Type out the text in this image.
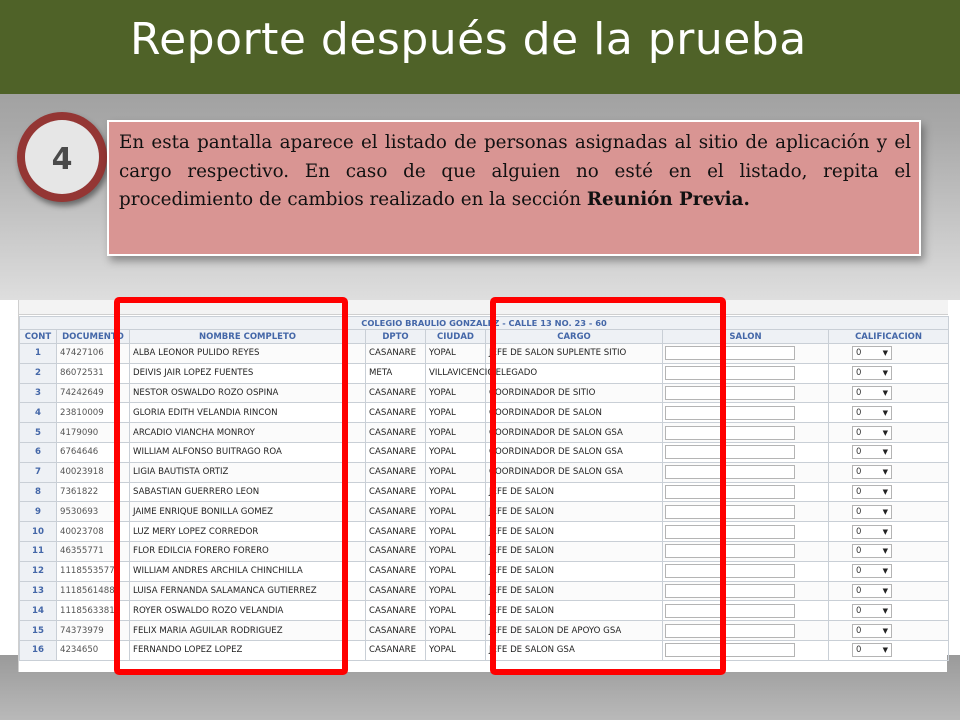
Reporte después de la prueba
4	En esta pantalla aparece el listado de personas asignadas al sitio de aplicación y el cargo respectivo. En caso de que alguien no esté en el listado, repita el procedimiento de cambios realizado en la sección Reunión Previa.

COLEGIO BRAULIO GONZALEZ - CALLE 13 NO. 23 - 60							
CONT	DOCUMENTO	NOMBRE COMPLETO	DPTO	CIUDAD	CARGO	SALON	CALIFICACION
1	47427106	ALBA LEONOR PULIDO REYES	CASANARE	YOPAL	JEFE DE SALON SUPLENTE SITIO		0 ▼

2	86072531	DEIVIS JAIR LOPEZ FUENTES	META	VILLAVICENCIO	DELEGADO		0 ▼

3	74242649	NESTOR OSWALDO ROZO OSPINA	CASANARE	YOPAL	COORDINADOR DE SITIO		0 ▼

4	23810009	GLORIA EDITH VELANDIA RINCON	CASANARE	YOPAL	COORDINADOR DE SALON		0 ▼

5	4179090	ARCADIO VIANCHA MONROY	CASANARE	YOPAL	COORDINADOR DE SALON GSA		0 ▼

6	6764646	WILLIAM ALFONSO BUITRAGO ROA	CASANARE	YOPAL	COORDINADOR DE SALON GSA		0 ▼

7	40023918	LIGIA BAUTISTA ORTIZ	CASANARE	YOPAL	COORDINADOR DE SALON GSA		0 ▼

8	7361822	SABASTIAN GUERRERO LEON	CASANARE	YOPAL	JEFE DE SALON		0 ▼

9	9530693	JAIME ENRIQUE BONILLA GOMEZ	CASANARE	YOPAL	JEFE DE SALON		0 ▼

10	40023708	LUZ MERY LOPEZ CORREDOR	CASANARE	YOPAL	JEFE DE SALON		0 ▼

11	46355771	FLOR EDILCIA FORERO FORERO	CASANARE	YOPAL	JEFE DE SALON		0 ▼

12	1118553577	WILLIAM ANDRES ARCHILA CHINCHILLA	CASANARE	YOPAL	JEFE DE SALON		0 ▼

13	1118561488	LUISA FERNANDA SALAMANCA GUTIERREZ	CASANARE	YOPAL	JEFE DE SALON		0 ▼

14	1118563381	ROYER OSWALDO ROZO VELANDIA	CASANARE	YOPAL	JEFE DE SALON		0 ▼

15	74373979	FELIX MARIA AGUILAR RODRIGUEZ	CASANARE	YOPAL	JEFE DE SALON DE APOYO GSA		0 ▼

16	4234650	FERNANDO LOPEZ LOPEZ	CASANARE	YOPAL	JEFE DE SALON GSA		0 ▼
